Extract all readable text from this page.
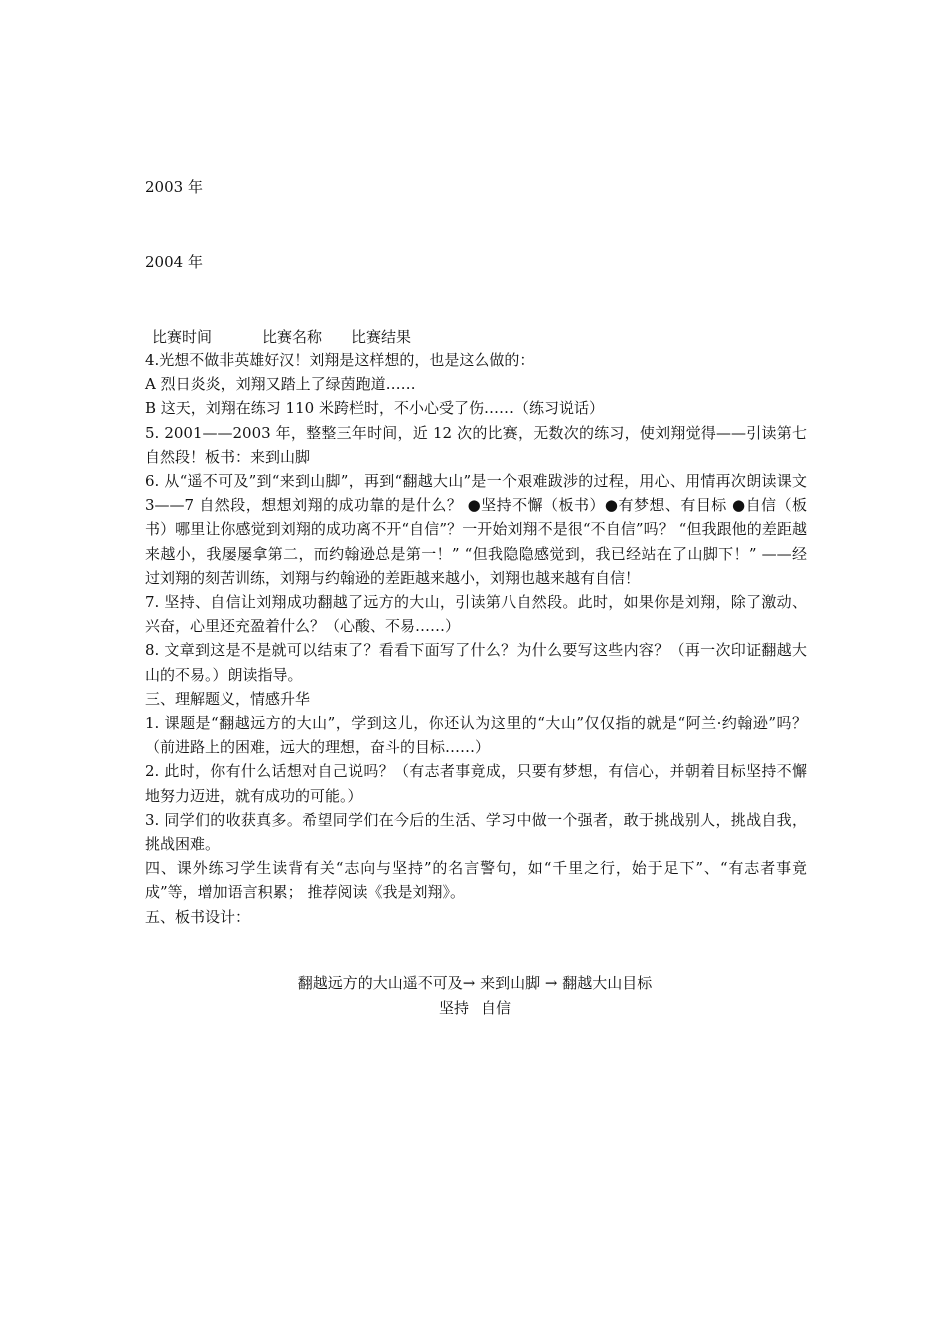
2003 年
2004 年
比赛时间	比赛名称	比赛结果

4.光想不做非英雄好汉！刘翔是这样想的，也是这么做的：

A 烈日炎炎，刘翔又踏上了绿茵跑道……

B 这天，刘翔在练习 110 米跨栏时，不小心受了伤……（练习说话）

5. 2001——2003 年，整整三年时间，近 12 次的比赛，无数次的练习，使刘翔觉得——引读第七自然段！板书：来到山脚

6. 从“遥不可及”到“来到山脚”，再到“翻越大山”是一个艰难跋涉的过程，用心、用情再次朗读课文 3——7 自然段，想想刘翔的成功靠的是什么？ ●坚持不懈（板书）●有梦想、有目标 ●自信（板书）哪里让你感觉到刘翔的成功离不开“自信”？一开始刘翔不是很“不自信”吗？ “但我跟他的差距越来越小，我屡屡拿第二，而约翰逊总是第一！” “但我隐隐感觉到，我已经站在了山脚下！” ——经过刘翔的刻苦训练，刘翔与约翰逊的差距越来越小，刘翔也越来越有自信！

7. 坚持、自信让刘翔成功翻越了远方的大山，引读第八自然段。此时，如果你是刘翔，除了激动、兴奋，心里还充盈着什么？（心酸、不易……）

8. 文章到这是不是就可以结束了？看看下面写了什么？为什么要写这些内容？（再一次印证翻越大山的不易。）朗读指导。

三、理解题义，情感升华

1. 课题是“翻越远方的大山”，学到这儿，你还认为这里的“大山”仅仅指的就是“阿兰·约翰逊”吗？（前进路上的困难，远大的理想，奋斗的目标……）

2. 此时，你有什么话想对自己说吗？（有志者事竟成，只要有梦想，有信心，并朝着目标坚持不懈地努力迈进，就有成功的可能。）

3. 同学们的收获真多。希望同学们在今后的生活、学习中做一个强者，敢于挑战别人，挑战自我，挑战困难。

四、课外练习学生读背有关“志向与坚持”的名言警句，如“千里之行，始于足下”、“有志者事竟成”等，增加语言积累； 推荐阅读《我是刘翔》。

五、板书设计：

翻越远方的大山遥不可及→ 来到山脚 → 翻越大山目标
坚持 自信
